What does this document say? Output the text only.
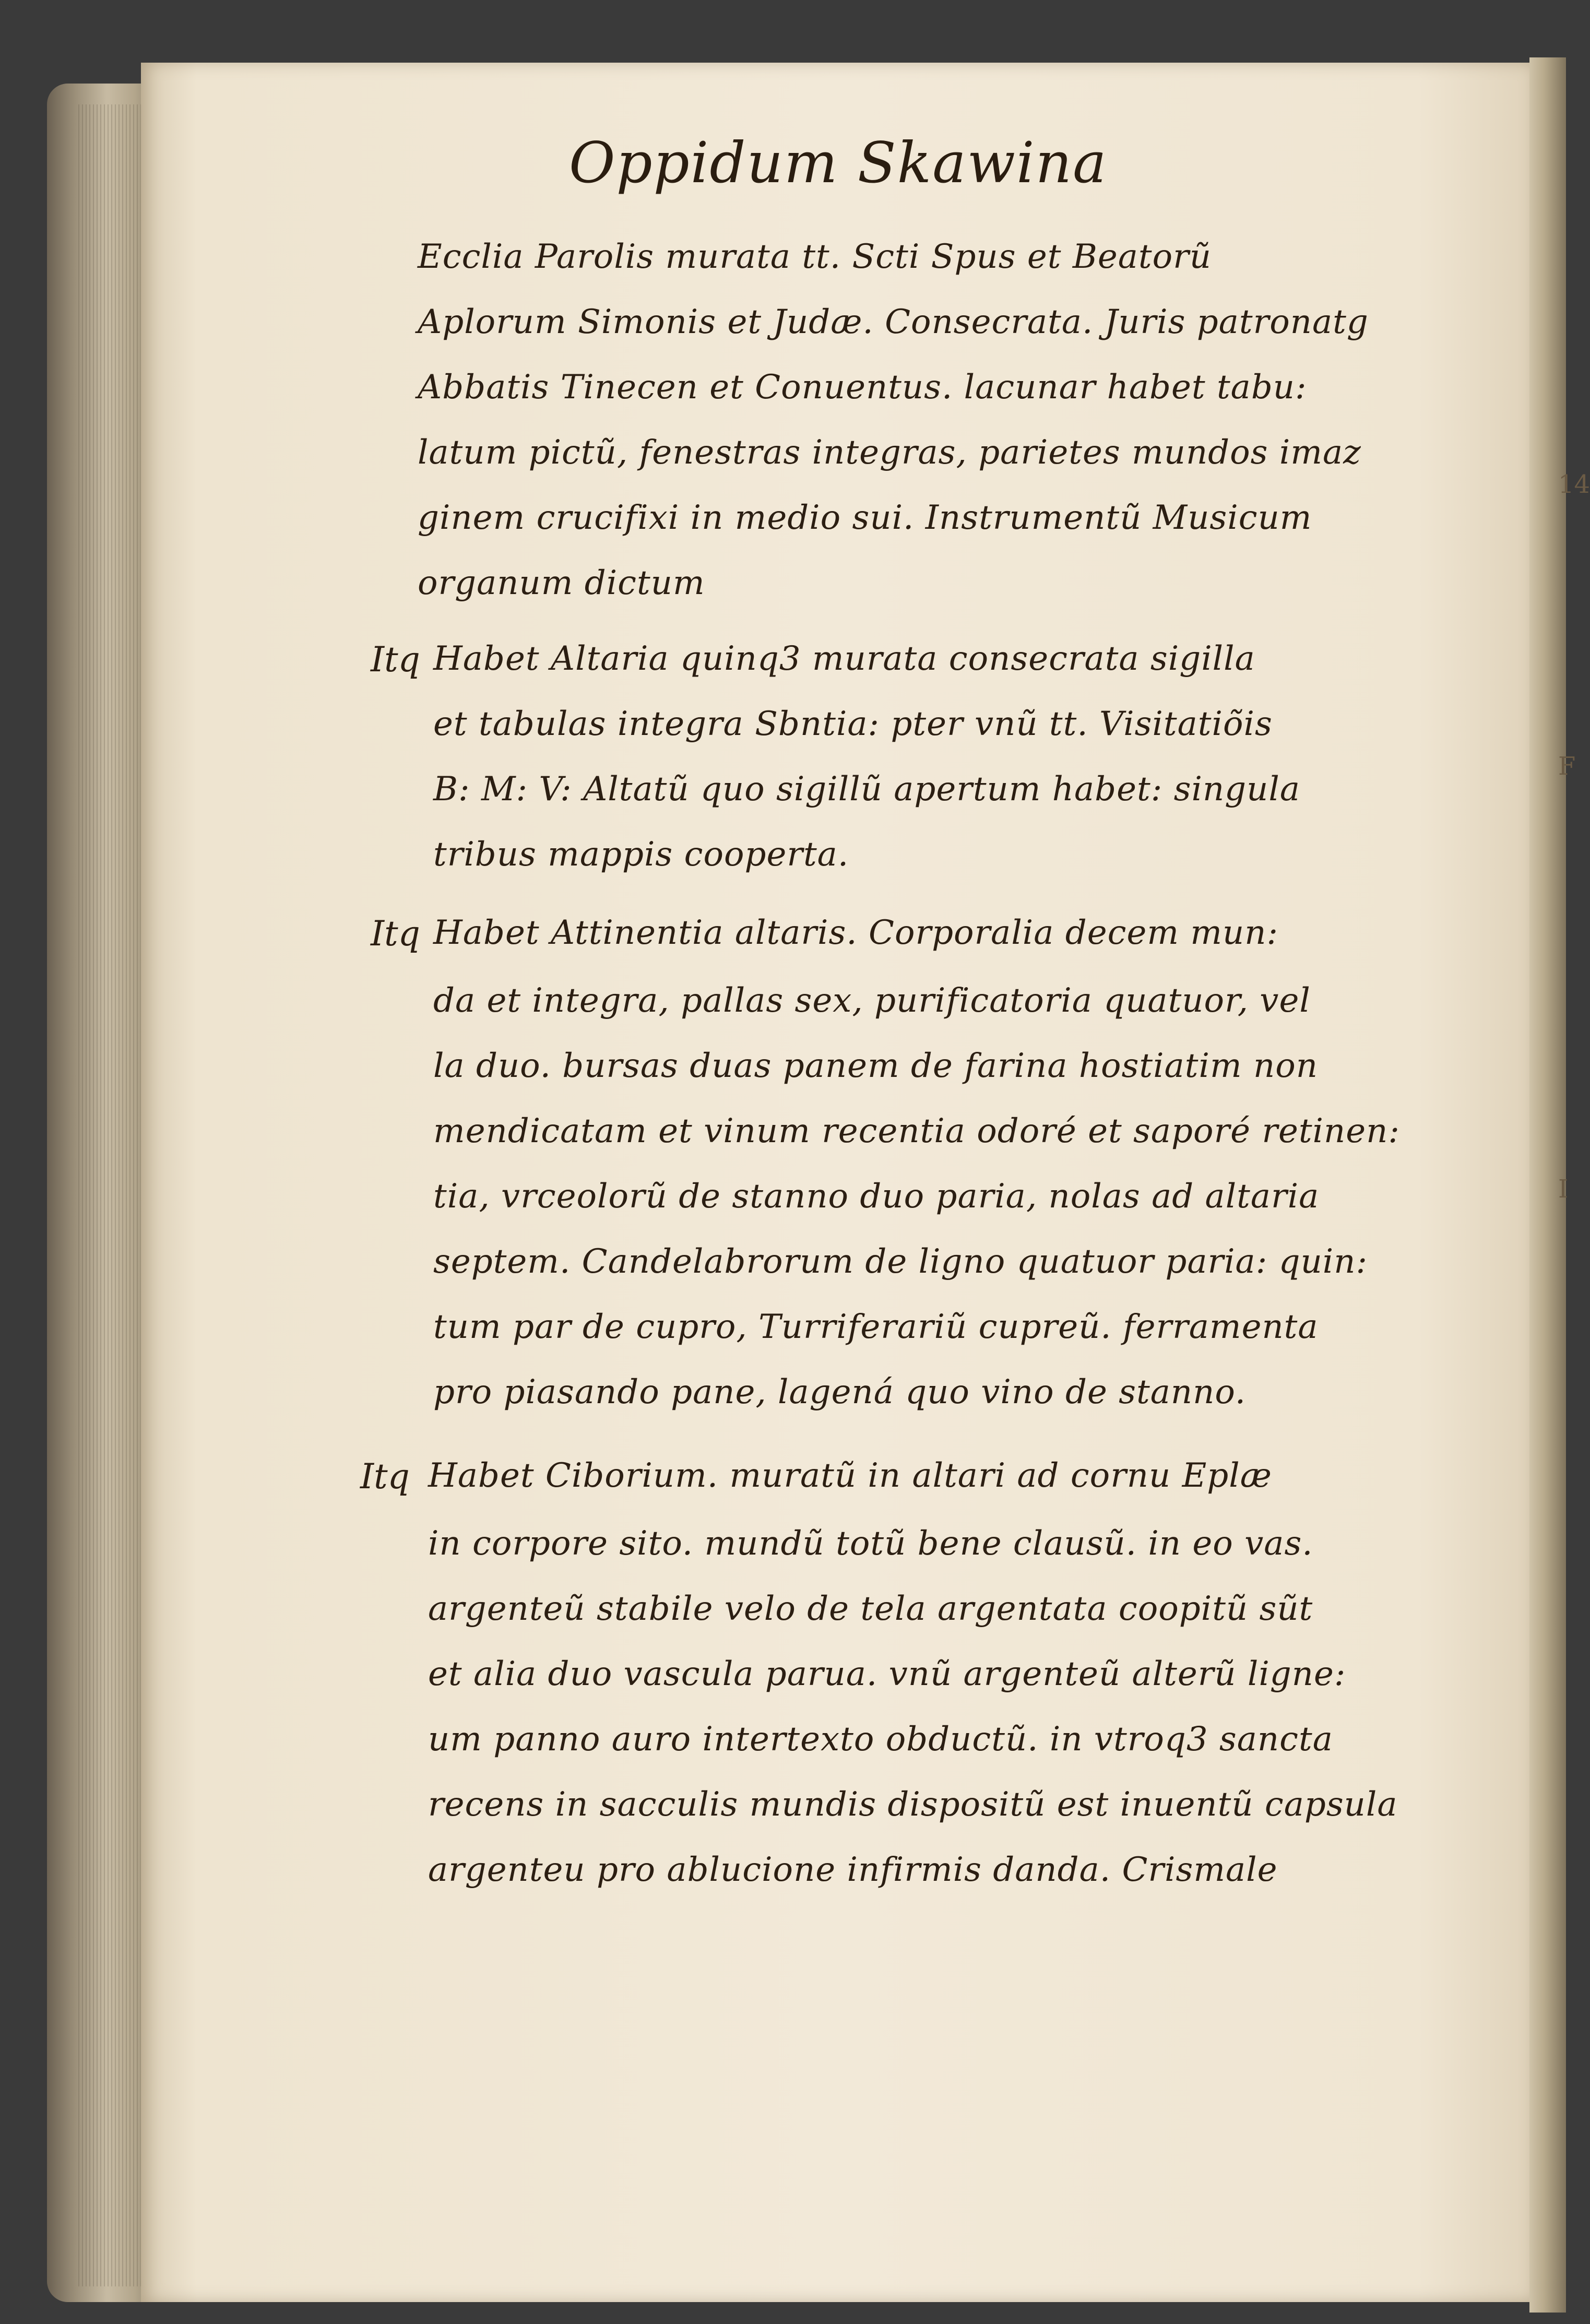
14
F
I
Oppidum Skawina
Ecclia Parolis murata tt. Scti Spus et Beatorũ
Aplorum Simonis et Judæ. Consecrata. Juris patronatg
Abbatis Tinecen et Conuentus. lacunar habet tabu:
latum pictũ, fenestras integras, parietes mundos imaz
ginem crucifixi in medio sui. Instrumentũ Musicum
organum dictum
Itq Habet Altaria quinq3 murata consecrata sigilla
et tabulas integra Sbntia: pter vnũ tt. Visitatiõis
B: M: V: Altatũ quo sigillũ apertum habet: singula
tribus mappis cooperta.
Itq Habet Attinentia altaris. Corporalia decem mun:
da et integra, pallas sex, purificatoria quatuor, vel
la duo. bursas duas panem de farina hostiatim non
mendicatam et vinum recentia odoré et saporé retinen:
tia, vrceolorũ de stanno duo paria, nolas ad altaria
septem. Candelabrorum de ligno quatuor paria: quin:
tum par de cupro, Turriferariũ cupreũ. ferramenta
pro piasando pane, lagená quo vino de stanno.
Itq Habet Ciborium. muratũ in altari ad cornu Eplæ
in corpore sito. mundũ totũ bene clausũ. in eo vas.
argenteũ stabile velo de tela argentata coopitũ sũt
et alia duo vascula parua. vnũ argenteũ alterũ ligne:
um panno auro intertexto obductũ. in vtroq3 sancta
recens in sacculis mundis dispositũ est inuentũ capsula
argenteu pro ablucione infirmis danda. Crismale
